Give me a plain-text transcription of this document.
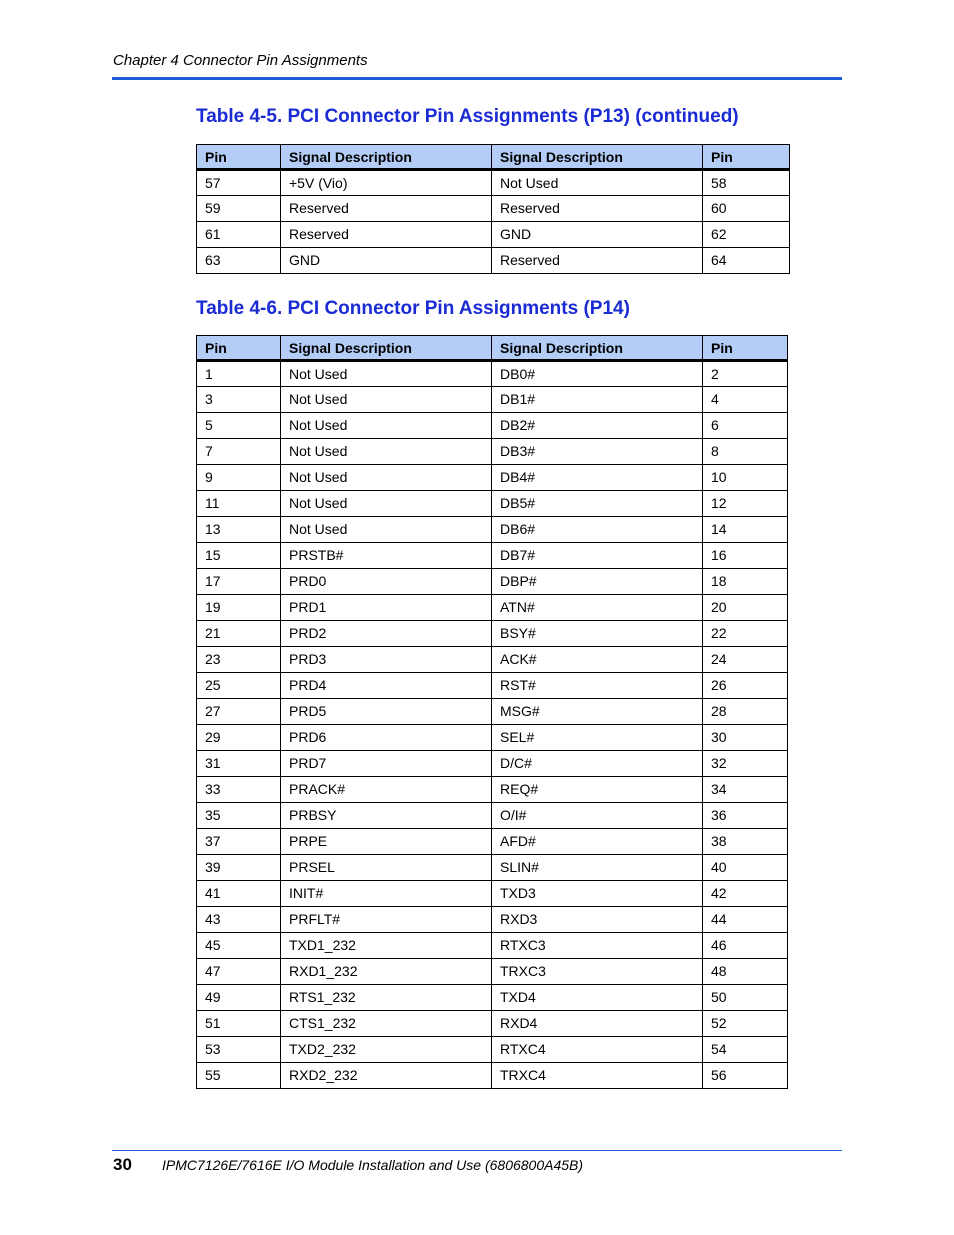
Chapter 4 Connector Pin Assignments
Table 4-5. PCI Connector Pin Assignments (P13) (continued)
Pin	Signal Description	Signal Description	Pin
57	+5V (Vio)	Not Used	58
59	Reserved	Reserved	60
61	Reserved	GND	62
63	GND	Reserved	64
Table 4-6. PCI Connector Pin Assignments (P14)
Pin	Signal Description	Signal Description	Pin
1	Not Used	DB0#	2
3	Not Used	DB1#	4
5	Not Used	DB2#	6
7	Not Used	DB3#	8
9	Not Used	DB4#	10
11	Not Used	DB5#	12
13	Not Used	DB6#	14
15	PRSTB#	DB7#	16
17	PRD0	DBP#	18
19	PRD1	ATN#	20
21	PRD2	BSY#	22
23	PRD3	ACK#	24
25	PRD4	RST#	26
27	PRD5	MSG#	28
29	PRD6	SEL#	30
31	PRD7	D/C#	32
33	PRACK#	REQ#	34
35	PRBSY	O/I#	36
37	PRPE	AFD#	38
39	PRSEL	SLIN#	40
41	INIT#	TXD3	42
43	PRFLT#	RXD3	44
45	TXD1_232	RTXC3	46
47	RXD1_232	TRXC3	48
49	RTS1_232	TXD4	50
51	CTS1_232	RXD4	52
53	TXD2_232	RTXC4	54
55	RXD2_232	TRXC4	56
30 IPMC7126E/7616E I/O Module Installation and Use (6806800A45B)
